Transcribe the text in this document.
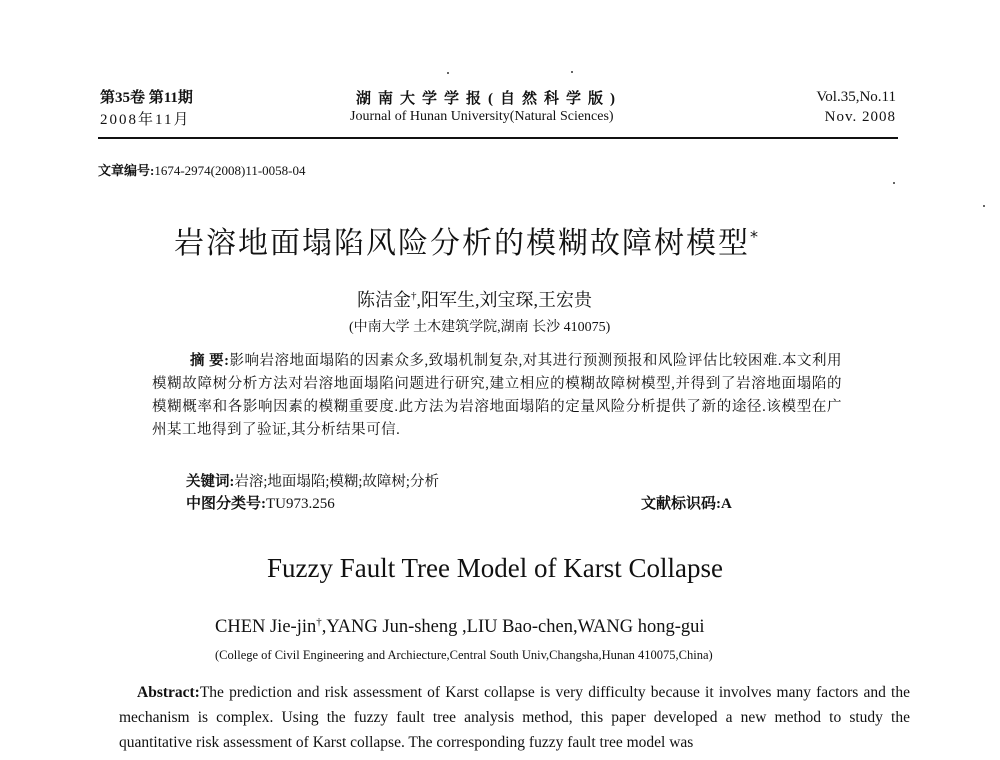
第35卷 第11期
2008年11月
湖南大学学报(自然科学版)
Journal of Hunan University(Natural Sciences)
Vol.35,No.11
Nov. 2008
文章编号:1674-2974(2008)11-0058-04
岩溶地面塌陷风险分析的模糊故障树模型*
陈洁金†,阳军生,刘宝琛,王宏贵
(中南大学 土木建筑学院,湖南 长沙 410075)
摘 要:影响岩溶地面塌陷的因素众多,致塌机制复杂,对其进行预测预报和风险评估比较困难.本文利用模糊故障树分析方法对岩溶地面塌陷问题进行研究,建立相应的模糊故障树模型,并得到了岩溶地面塌陷的模糊概率和各影响因素的模糊重要度.此方法为岩溶地面塌陷的定量风险分析提供了新的途径.该模型在广州某工地得到了验证,其分析结果可信.
关键词:岩溶;地面塌陷;模糊;故障树;分析
中图分类号:TU973.256	文献标识码:A
Fuzzy Fault Tree Model of Karst Collapse
CHEN Jie-jin†,YANG Jun-sheng ,LIU Bao-chen,WANG hong-gui
(College of Civil Engineering and Archiecture,Central South Univ,Changsha,Hunan 410075,China)
Abstract:The prediction and risk assessment of Karst collapse is very difficulty because it involves many factors and the mechanism is complex. Using the fuzzy fault tree analysis method, this paper developed a new method to study the quantitative risk assessment of Karst collapse. The corresponding fuzzy fault tree model was
